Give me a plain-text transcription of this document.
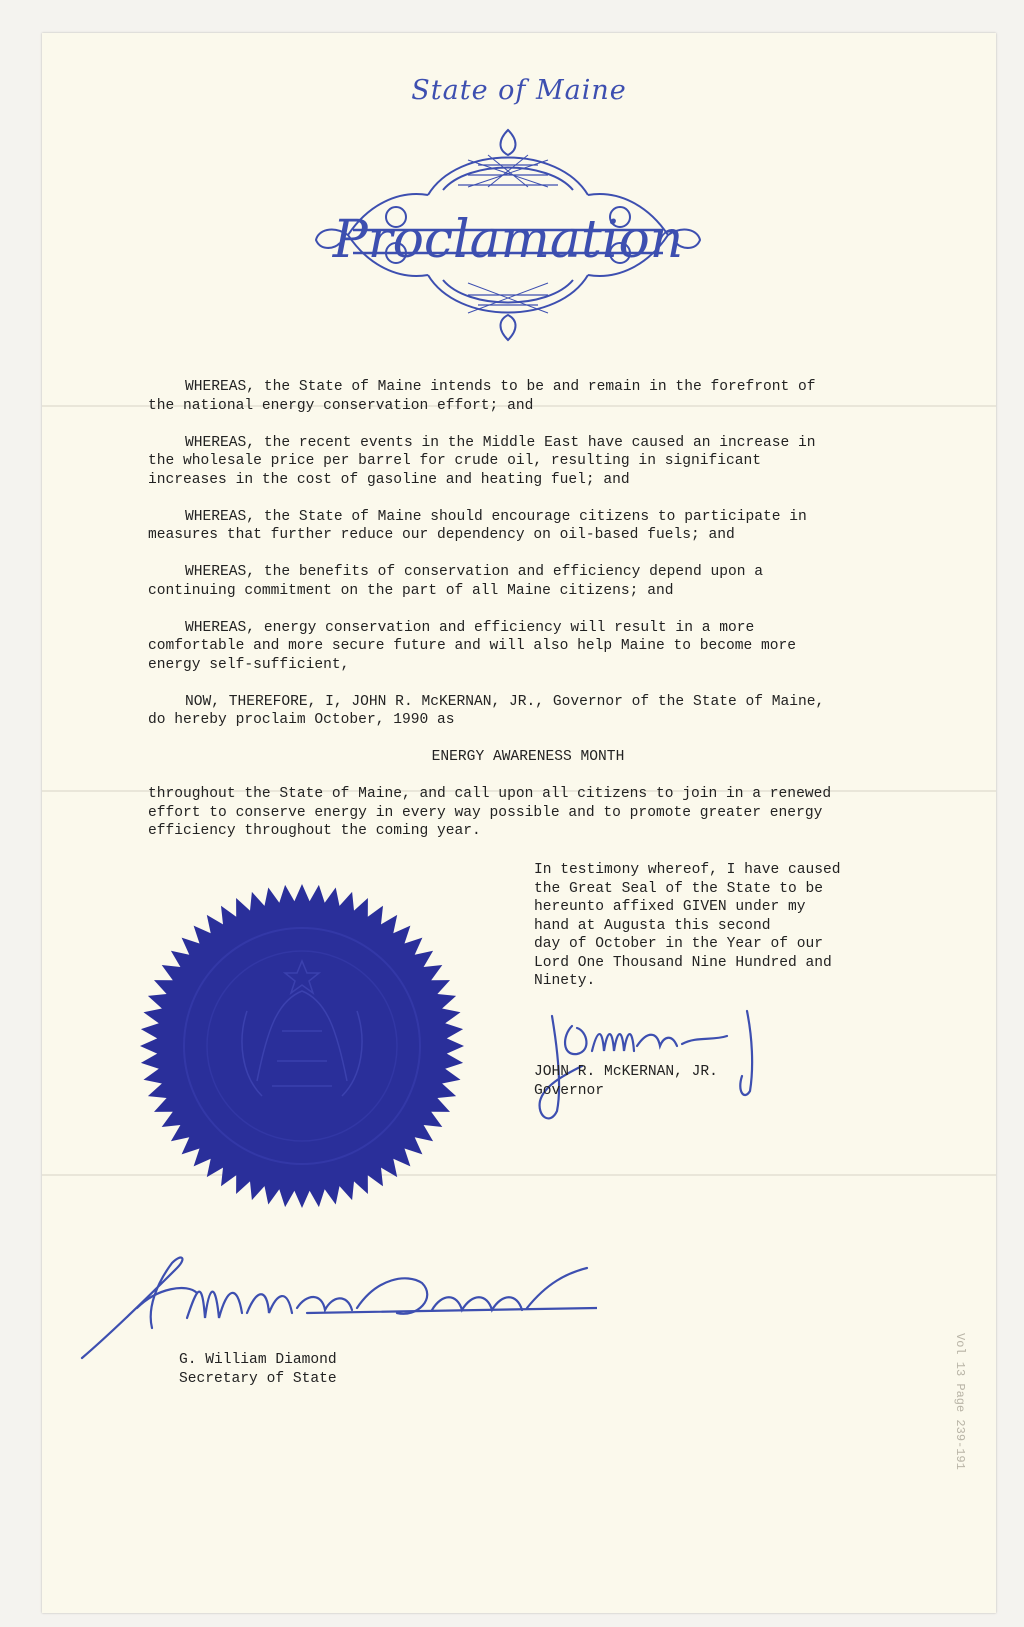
State of Maine
Proclamation

WHEREAS, the State of Maine intends to be and remain in the forefront of
the national energy conservation effort; and

WHEREAS, the recent events in the Middle East have caused an increase in
the wholesale price per barrel for crude oil, resulting in significant
increases in the cost of gasoline and heating fuel; and

WHEREAS, the State of Maine should encourage citizens to participate in
measures that further reduce our dependency on oil-based fuels; and

WHEREAS, the benefits of conservation and efficiency depend upon a
continuing commitment on the part of all Maine citizens; and

WHEREAS, energy conservation and efficiency will result in a more
comfortable and more secure future and will also help Maine to become more
energy self-sufficient,

NOW, THEREFORE, I, JOHN R. McKERNAN, JR., Governor of the State of Maine,
do hereby proclaim October, 1990 as

ENERGY AWARENESS MONTH

throughout the State of Maine, and call upon all citizens to join in a renewed
effort to conserve energy in every way possible and to promote greater energy
efficiency throughout the coming year.

In testimony whereof, I have caused
the Great Seal of the State to be
hereunto affixed GIVEN under my
hand at Augusta this second
day of October in the Year of our
Lord One Thousand Nine Hundred and
Ninety.
JOHN R. McKERNAN, JR.
Governor
G. William Diamond
Secretary of State	Vol 13 Page 239-191
